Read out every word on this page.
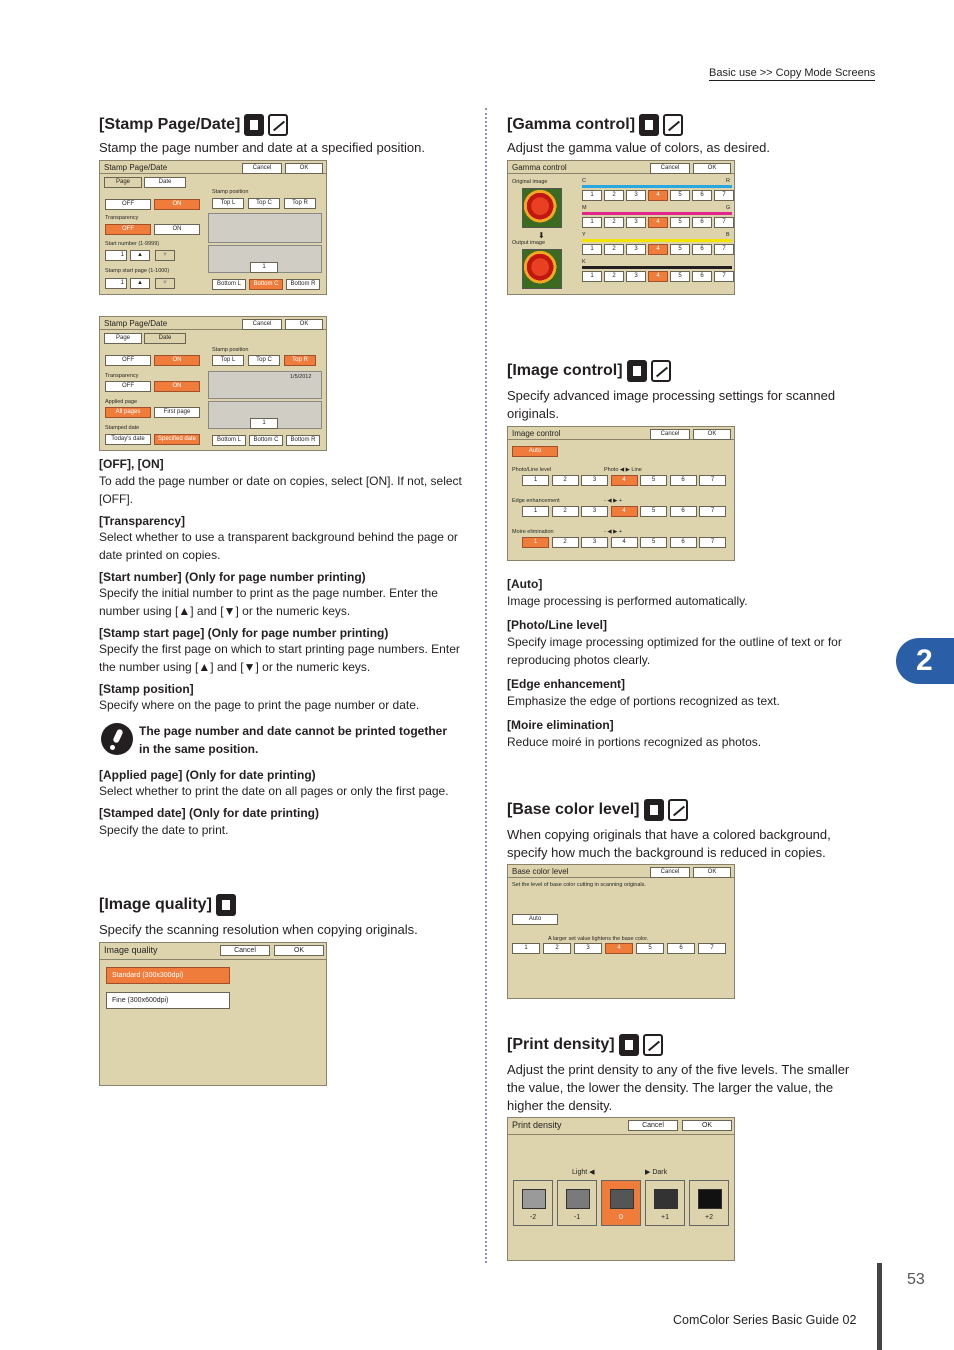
Basic use >> Copy Mode Screens
[Stamp Page/Date]
Stamp the page number and date at a specified position.
Stamp Page/Date	Cancel	OK
Page	Date
Stamp position
OFF	ON	Top L	Top C	Top R
Transparency
OFF	ON
1
Start number (1-9999)
1	▲	▼
Stamp start page (1-1000)
1	▲	▼	Bottom L	Bottom C	Bottom R
Stamp Page/Date	Cancel	OK
Page	Date
Stamp position
OFF	ON	Top L	Top C	Top R
Transparency
OFF	ON
1/5/2012
1
Applied page
All pages	First page
Stamped date
Today's date	Specified date	Bottom L	Bottom C	Bottom R
[OFF], [ON]
To add the page number or date on copies, select [ON]. If not, select [OFF].
[Transparency]
Select whether to use a transparent background behind the page or date printed on copies.
[Start number] (Only for page number printing)
Specify the initial number to print as the page number. Enter the number using [▲] and [▼] or the numeric keys.
[Stamp start page] (Only for page number printing)
Specify the first page on which to start printing page numbers. Enter the number using [▲] and [▼] or the numeric keys.
[Stamp position]
Specify where on the page to print the page number or date.
The page number and date cannot be printed together in the same position.
[Applied page] (Only for date printing)
Select whether to print the date on all pages or only the first page.
[Stamped date] (Only for date printing)
Specify the date to print.
[Image quality]
Specify the scanning resolution when copying originals.
Image quality	Cancel	OK
Standard (300x300dpi)
Fine (300x600dpi)
[Gamma control]
Adjust the gamma value of colors, as desired.
Gamma control	Cancel	OK
Original image
⬇
Output image
C	R
1	2	3	4	5	6	7
M	G
1	2	3	4	5	6	7
Y	B
1	2	3	4	5	6	7
K
1	2	3	4	5	6	7
[Image control]
Specify advanced image processing settings for scanned originals.
Image control	Cancel	OK
Auto
Photo/Line level	Photo ◀ ▶ Line
1	2	3	4	5	6	7
Edge enhancement	- ◀ ▶ +
1	2	3	4	5	6	7
Moire elimination	- ◀ ▶ +
1	2	3	4	5	6	7
[Auto]
Image processing is performed automatically.
[Photo/Line level]
Specify image processing optimized for the outline of text or for reproducing photos clearly.
[Edge enhancement]
Emphasize the edge of portions recognized as text.
[Moire elimination]
Reduce moiré in portions recognized as photos.
[Base color level]
When copying originals that have a colored background, specify how much the background is reduced in copies.
Base color level	Cancel	OK
Set the level of base color cutting in scanning originals.
Auto
A larger set value lightens the base color.
1	2	3	4	5	6	7
[Print density]
Adjust the print density to any of the five levels. The smaller the value, the lower the density. The larger the value, the higher the density.
Print density	Cancel	OK
Light ◀	▶ Dark
-2	-1	0	+1	+2
2
53
ComColor Series Basic Guide 02
